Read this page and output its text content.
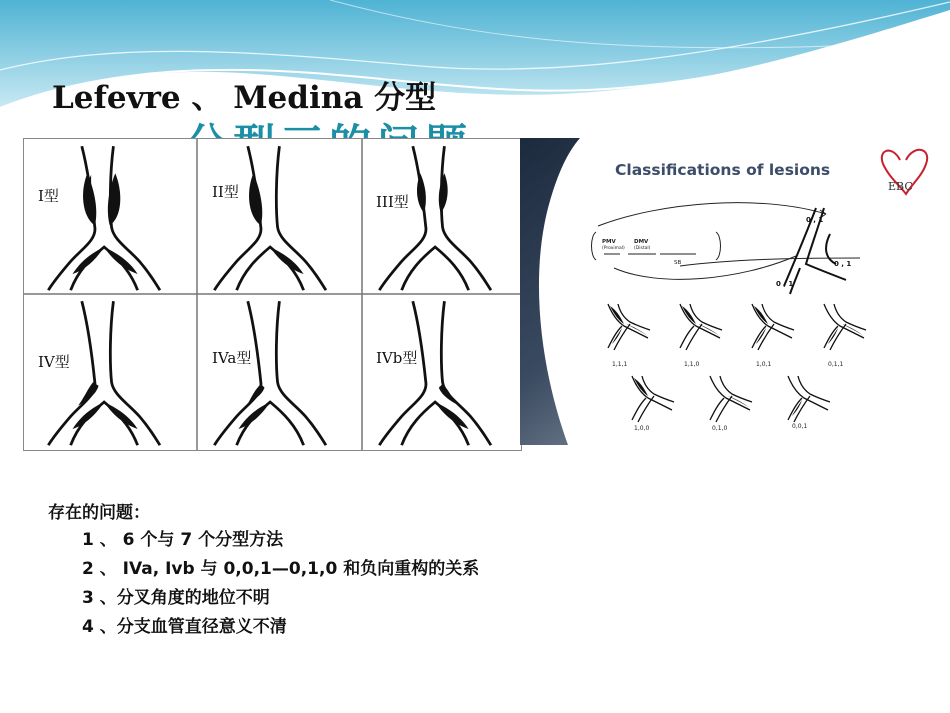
Lefevre 、 Medina 分型
I型	II型
III型
IV型	IVa型	IVb型
Classifications of lesions
EBC
PMV
(Proximal)
DMV
(Distal)
SB
0 , 1
0 , 1
0 , 1
1,1,1	1,1,0	1,0,1	0,1,1
1,0,0	0,1,0	0,0,1
存在的问题：
1 、 6 个与 7 个分型方法
2 、 IVa, Ivb 与 0,0,1—0,1,0 和负向重构的关系
3 、分叉角度的地位不明
4 、分支血管直径意义不清
